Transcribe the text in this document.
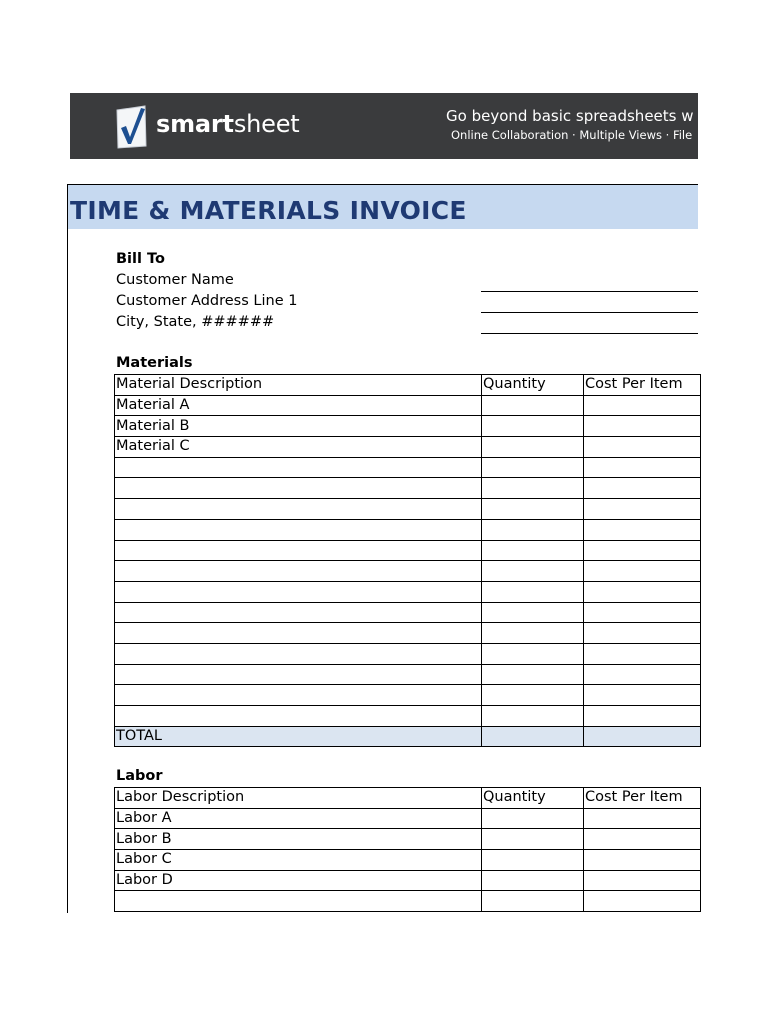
smartsheet	Go beyond basic spreadsheets w
Online Collaboration · Multiple Views · File
TIME & MATERIALS INVOICE
Bill To
Customer Name
Customer Address Line 1
City, State, ######
Materials
Material Description	Quantity	Cost Per Item
Material A		
Material B		
Material C		

TOTAL		
Labor
Labor Description	Quantity	Cost Per Item
Labor A		
Labor B		
Labor C		
Labor D		
